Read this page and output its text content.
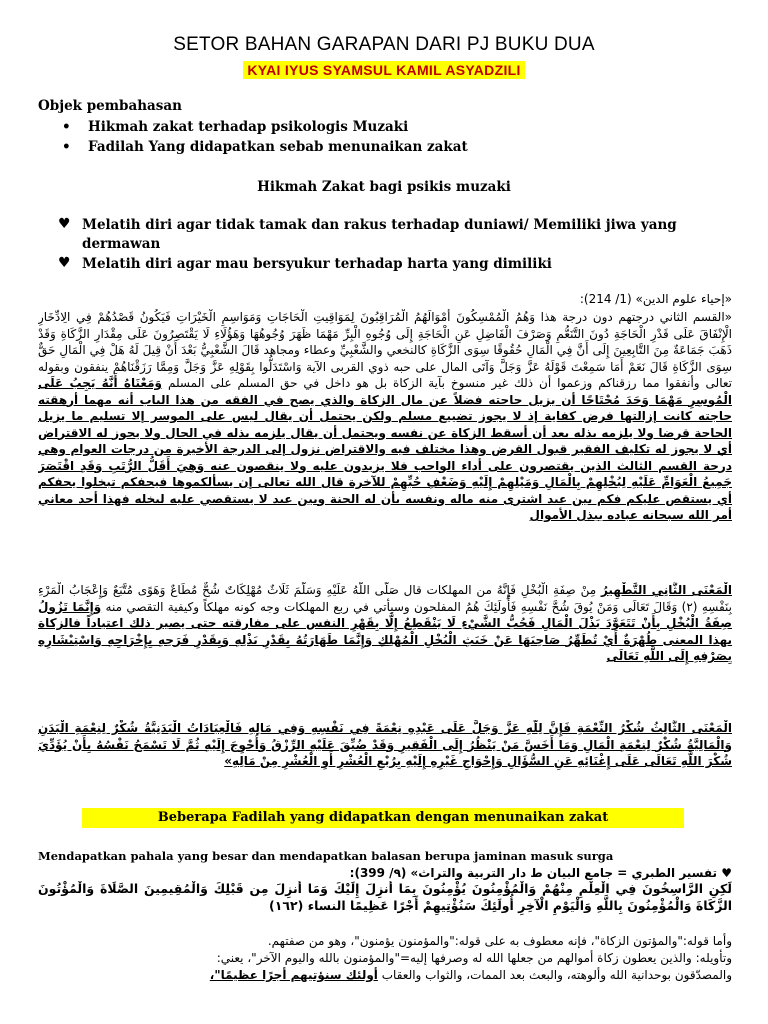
SETOR BAHAN GARAPAN DARI PJ BUKU DUA
KYAI IYUS SYAMSUL KAMIL ASYADZILI
Objek pembahasan
• Hikmah zakat terhadap psikologis Muzaki
• Fadilah Yang didapatkan sebab menunaikan zakat
Hikmah Zakat bagi psikis muzaki
♥ Melatih diri agar tidak tamak dan rakus terhadap duniawi/ Memiliki jiwa yang dermawan
♥ Melatih diri agar mau bersyukur terhadap harta yang dimiliki
«إحياء علوم الدين» (1/ 214):

«القسم الثاني درجتهم دون درجة هذا وَهُمُ الْمُمْسِكُونَ أَمْوَالَهُمُ الْمُرَاقِبُونَ لِمَوَاقِيتِ الْحَاجَاتِ وَمَوَاسِمِ الْخَيْرَاتِ فَيَكُونُ قَصْدُهُمْ فِي الِادِّخَارِ الْإِنْفَاقَ عَلَى قَدْرِ الْحَاجَةِ دُونَ التَّنَعُّمِ وَصَرْفَ الْفَاضِلِ عَنِ الْحَاجَةِ إِلَى وُجُوهِ الْبِرِّ مَهْمَا ظَهَرَ وُجُوهُهَا وَهَؤُلَاءِ لَا يَقْتَصِرُونَ عَلَى مِقْدَارِ الزَّكَاةِ وَقَدْ ذَهَبَ جَمَاعَةٌ مِنَ التَّابِعِينَ إِلَى أَنَّ فِي الْمَالِ حُقُوقًا سِوَى الزَّكَاةِ كالنخعي والشَّعْبِيِّ وعطاء ومجاهد قَالَ الشَّعْبِيُّ بَعْدَ أَنْ قِيلَ لَهُ هَلْ فِي الْمَالِ حَقٌّ سِوَى الزَّكَاةِ قَالَ نَعَمْ أَمَا سَمِعْتَ قَوْلَهُ عَزَّ وَجَلَّ وَآتَى المال على حبه ذوي القربى الآية وَاسْتَدَلُّوا بِقَوْلِهِ عَزَّ وَجَلَّ وَمِمَّا رَزَقْنَاهُمْ ينفقون وبقوله تعالى وأنفقوا مما رزقناكم وزعموا أن ذلك غير منسوخ بآية الزكاة بل هو داخل في حق المسلم على المسلم وَمَعْنَاهُ أَنَّهُ يَجِبُ عَلَى الْمُوسِرِ مَهْمَا وَجَدَ مُحْتَاجًا أن يزيل حاجته فضلاً عن مال الزكاة والذي يصح في الفقه من هذا الباب أنه مهما أرهقته حاجته كانت إزالتها فرض كفاية إذ لا يجوز تضييع مسلم ولكن يحتمل أن يقال ليس على الموسر إلا تسليم ما يزيل الحاجة قرضا ولا يلزمه بذله بعد أن أسقط الزكاة عن نفسه ويحتمل أن يقال يلزمه بذله في الحال ولا يجوز له الاقتراض أي لا يجوز له تكليف الفقير قبول القرض وهذا مختلف فيه والاقتراض نزول إلى الدرجة الأخيرة من درجات العوام وهي درجة القسم الثالث الذين يقتصرون على أداء الواجب فلا يزيدون عليه ولا ينقصون عنه وَهِيَ أَقَلُّ الرُّتَبِ وَقَدِ اقْتَصَرَ جَمِيعُ الْعَوَامِّ عَلَيْهِ لِبُخْلِهِمْ بِالْمَالِ وَمَيْلِهِمْ إِلَيْهِ وَضَعْفِ حُبِّهِمْ للآخرة قال الله تعالى إن يسألكموها فيحفكم تبخلوا يحفكم أي يستقص عليكم فكم بين عبد اشترى منه ماله ونفسه بأن له الجنة وبين عبد لا يستقصي عليه لبخله فهذا أحد معاني أمر الله سبحانه عباده ببذل الأموال

الْمَعْنَى الثَّانِي التَّطْهِيرُ مِنْ صِفَةِ الْبُخْلِ فَإِنَّهُ من المهلكات قال صَلَّى اللَّهُ عَلَيْهِ وَسَلَّمَ ثَلَاثٌ مُهْلِكَاتٌ شُحٌّ مُطَاعٌ وَهَوًى مُتَّبَعٌ وَإِعْجَابُ الْمَرْءِ بِنَفْسِهِ (٢) وَقَالَ تَعَالَى وَمَنْ يُوقَ شُحَّ نَفْسِهِ فَأُولَئِكَ هُمُ المفلحون وسيأتي في ربع المهلكات وجه كونه مهلكاً وكيفية التقصي منه وَإِنَّمَا تَزُولُ صِفَةُ الْبُخْلِ بِأَنْ تَتَعَوَّدَ بَذْلَ الْمَالِ فَحُبُّ الشَّيْءِ لَا يَنْقَطِعُ إِلَّا بِقَهْرِ النفس على مفارقته حتى يصير ذلك اعتياداً فالزكاة بهذا المعنى طُهْرَةٌ أَيْ تُطَهِّرُ صَاحِبَهَا عَنْ خَبَثِ الْبُخْلِ الْمُهْلِكِ وَإِنَّمَا طَهَارَتُهُ بِقَدْرِ بَذْلِهِ وَبِقَدْرِ فَرَحِهِ بِإِخْرَاجِهِ وَاسْتِبْشَارِهِ بِصَرْفِهِ إِلَى اللَّهِ تَعَالَى

الْمَعْنَى الثَّالِثُ شُكْرُ النِّعْمَةِ فَإِنَّ لِلَّهِ عَزَّ وَجَلَّ عَلَى عَبْدِهِ نِعْمَةً فِي نَفْسِهِ وَفِي مَالِهِ فَالْعِبَادَاتُ الْبَدَنِيَّةُ شُكْرٌ لِنِعْمَةِ الْبَدَنِ وَالْمَالِيَّةُ شُكْرٌ لِنِعْمَةِ الْمَالِ وَمَا أَخَسَّ مَنْ يَنْظُرُ إِلَى الْفَقِيرِ وَقَدْ ضُيِّقَ عَلَيْهِ الرِّزْقُ وَأُحْوِجَ إِلَيْهِ ثُمَّ لَا تَسْمَحُ نَفْسُهُ بِأَنْ يُؤَدِّيَ شُكْرَ اللَّهِ تَعَالَى عَلَى إِغْنَائِهِ عَنِ السُّؤَالِ وَإِحْوَاجِ غَيْرِهِ إِلَيْهِ بِرُبْعِ الْعُشْرِ أَوِ الْعُشْرِ مِنْ مَالِهِ»

Beberapa Fadilah yang didapatkan dengan menunaikan zakat
Mendapatkan pahala yang besar dan mendapatkan balasan berupa jaminan masuk surga
♥ تفسير الطبري = جامع البيان ط دار التربية والتراث» (٩/ 399):
لَكِنِ الرَّاسِخُونَ فِي الْعِلْمِ مِنْهُمْ وَالْمُؤْمِنُونَ يُؤْمِنُونَ بِمَا أُنزِلَ إِلَيْكَ وَمَا أُنزِلَ مِن قَبْلِكَ وَالْمُقِيمِينَ الصَّلَاةَ وَالْمُؤْتُونَ الزَّكَاةَ وَالْمُؤْمِنُونَ بِاللَّهِ وَالْيَوْمِ الْآخِرِ أُولَئِكَ سَنُؤْتِيهِمْ أَجْرًا عَظِيمًا النساء (١٦٢)
وأما قوله:"والمؤتون الزكاة"، فإنه معطوف به على قوله:"والمؤمنون يؤمنون"، وهو من صفتهم.
وتأويله: والذين يعطون زكاة أموالهم من جعلها الله له وصرفها إليه="والمؤمنون بالله واليوم الآخر"، يعني:
والمصدّقون بوحدانية الله وألوهته، والبعث بعد الممات، والثواب والعقاب أولئك سنؤتيهم أجرًا عظيمًا"،
